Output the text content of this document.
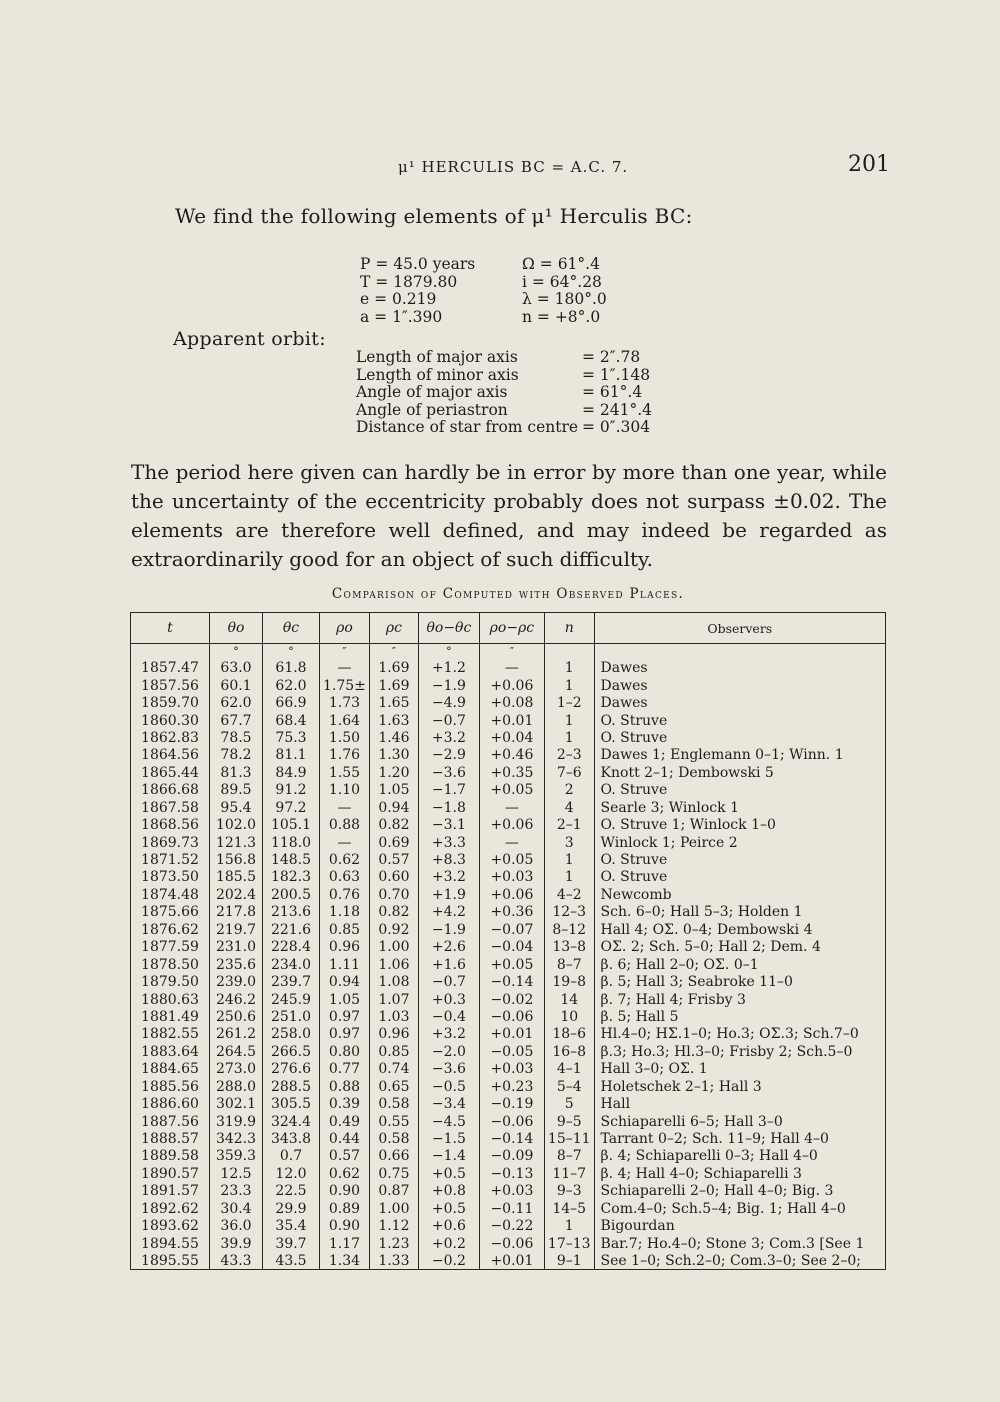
μ¹ HERCULIS BC = A.C. 7.	201
We find the following elements of μ¹ Herculis BC:
P = 45.0 years	Ω = 61°.4
T = 1879.80	i = 64°.28
e = 0.219	λ = 180°.0
a = 1″.390	n = +8°.0
Apparent orbit:
Length of major axis	= 2″.78
Length of minor axis	= 1″.148
Angle of major axis	= 61°.4
Angle of periastron	= 241°.4
Distance of star from centre = 0″.304
The period here given can hardly be in error by more than one year, while the uncertainty of the eccentricity probably does not surpass ±0.02. The elements are therefore well defined, and may indeed be regarded as extraordinarily good for an object of such difficulty.
Comparison of Computed with Observed Places.
t	θo	θc	ρo	ρc	θo−θc	ρo−ρc	n	Observers
	°	°	″	″	°	″		
1857.47	63.0	61.8	—	1.69	+1.2	—	1	Dawes
1857.56	60.1	62.0	1.75±	1.69	−1.9	+0.06	1	Dawes
1859.70	62.0	66.9	1.73	1.65	−4.9	+0.08	1–2	Dawes
1860.30	67.7	68.4	1.64	1.63	−0.7	+0.01	1	O. Struve
1862.83	78.5	75.3	1.50	1.46	+3.2	+0.04	1	O. Struve
1864.56	78.2	81.1	1.76	1.30	−2.9	+0.46	2–3	Dawes 1; Englemann 0–1; Winn. 1
1865.44	81.3	84.9	1.55	1.20	−3.6	+0.35	7–6	Knott 2–1; Dembowski 5
1866.68	89.5	91.2	1.10	1.05	−1.7	+0.05	2	O. Struve
1867.58	95.4	97.2	—	0.94	−1.8	—	4	Searle 3; Winlock 1
1868.56	102.0	105.1	0.88	0.82	−3.1	+0.06	2–1	O. Struve 1; Winlock 1–0
1869.73	121.3	118.0	—	0.69	+3.3	—	3	Winlock 1; Peirce 2
1871.52	156.8	148.5	0.62	0.57	+8.3	+0.05	1	O. Struve
1873.50	185.5	182.3	0.63	0.60	+3.2	+0.03	1	O. Struve
1874.48	202.4	200.5	0.76	0.70	+1.9	+0.06	4–2	Newcomb
1875.66	217.8	213.6	1.18	0.82	+4.2	+0.36	12–3	Sch. 6–0; Hall 5–3; Holden 1
1876.62	219.7	221.6	0.85	0.92	−1.9	−0.07	8–12	Hall 4; OΣ. 0–4; Dembowski 4
1877.59	231.0	228.4	0.96	1.00	+2.6	−0.04	13–8	OΣ. 2; Sch. 5–0; Hall 2; Dem. 4
1878.50	235.6	234.0	1.11	1.06	+1.6	+0.05	8–7	β. 6; Hall 2–0; OΣ. 0–1
1879.50	239.0	239.7	0.94	1.08	−0.7	−0.14	19–8	β. 5; Hall 3; Seabroke 11–0
1880.63	246.2	245.9	1.05	1.07	+0.3	−0.02	14	β. 7; Hall 4; Frisby 3
1881.49	250.6	251.0	0.97	1.03	−0.4	−0.06	10	β. 5; Hall 5
1882.55	261.2	258.0	0.97	0.96	+3.2	+0.01	18–6	Hl.4–0; HΣ.1–0; Ho.3; OΣ.3; Sch.7–0
1883.64	264.5	266.5	0.80	0.85	−2.0	−0.05	16–8	β.3; Ho.3; Hl.3–0; Frisby 2; Sch.5–0
1884.65	273.0	276.6	0.77	0.74	−3.6	+0.03	4–1	Hall 3–0; OΣ. 1
1885.56	288.0	288.5	0.88	0.65	−0.5	+0.23	5–4	Holetschek 2–1; Hall 3
1886.60	302.1	305.5	0.39	0.58	−3.4	−0.19	5	Hall
1887.56	319.9	324.4	0.49	0.55	−4.5	−0.06	9–5	Schiaparelli 6–5; Hall 3–0
1888.57	342.3	343.8	0.44	0.58	−1.5	−0.14	15–11	Tarrant 0–2; Sch. 11–9; Hall 4–0
1889.58	359.3	0.7	0.57	0.66	−1.4	−0.09	8–7	β. 4; Schiaparelli 0–3; Hall 4–0
1890.57	12.5	12.0	0.62	0.75	+0.5	−0.13	11–7	β. 4; Hall 4–0; Schiaparelli 3
1891.57	23.3	22.5	0.90	0.87	+0.8	+0.03	9–3	Schiaparelli 2–0; Hall 4–0; Big. 3
1892.62	30.4	29.9	0.89	1.00	+0.5	−0.11	14–5	Com.4–0; Sch.5–4; Big. 1; Hall 4–0
1893.62	36.0	35.4	0.90	1.12	+0.6	−0.22	1	Bigourdan
1894.55	39.9	39.7	1.17	1.23	+0.2	−0.06	17–13	Bar.7; Ho.4–0; Stone 3; Com.3 [See 1
1895.55	43.3	43.5	1.34	1.33	−0.2	+0.01	9–1	See 1–0; Sch.2–0; Com.3–0; See 2–0;
